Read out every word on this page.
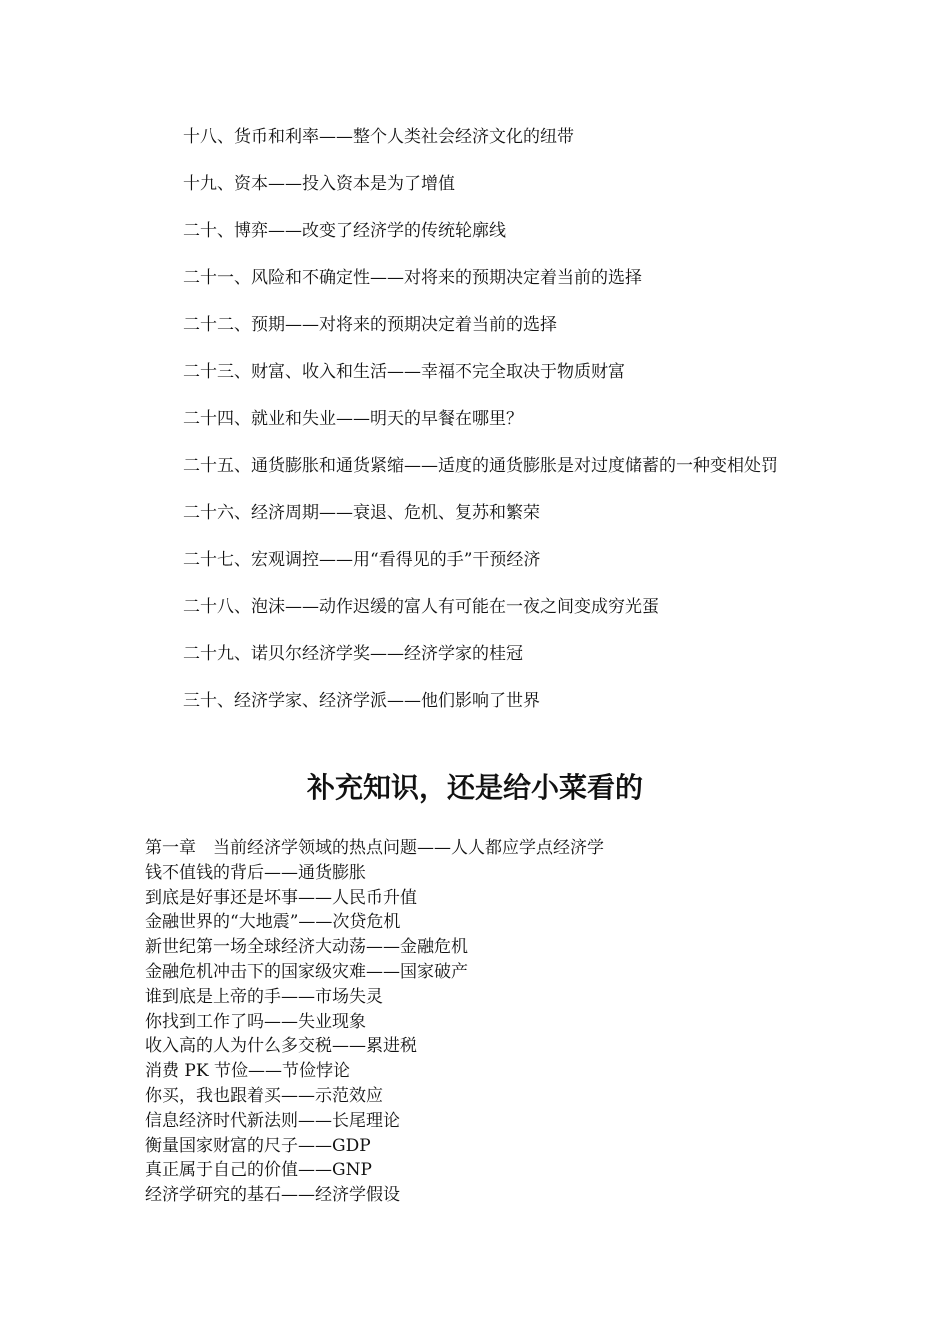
十八、货币和利率——整个人类社会经济文化的纽带

十九、资本——投入资本是为了增值

二十、博弈——改变了经济学的传统轮廓线

二十一、风险和不确定性——对将来的预期决定着当前的选择

二十二、预期——对将来的预期决定着当前的选择

二十三、财富、收入和生活——幸福不完全取决于物质财富

二十四、就业和失业——明天的早餐在哪里？

二十五、通货膨胀和通货紧缩——适度的通货膨胀是对过度储蓄的一种变相处罚

二十六、经济周期——衰退、危机、复苏和繁荣

二十七、宏观调控——用“看得见的手”干预经济

二十八、泡沫——动作迟缓的富人有可能在一夜之间变成穷光蛋

二十九、诺贝尔经济学奖——经济学家的桂冠

三十、经济学家、经济学派——他们影响了世界

补充知识，还是给小菜看的
第一章　当前经济学领域的热点问题——人人都应学点经济学
钱不值钱的背后——通货膨胀
到底是好事还是坏事——人民币升值
金融世界的“大地震”——次贷危机
新世纪第一场全球经济大动荡——金融危机
金融危机冲击下的国家级灾难——国家破产
谁到底是上帝的手——市场失灵
你找到工作了吗——失业现象
收入高的人为什么多交税——累进税
消费 PK 节俭——节俭悖论
你买，我也跟着买——示范效应
信息经济时代新法则——长尾理论
衡量国家财富的尺子——GDP
真正属于自己的价值——GNP
经济学研究的基石——经济学假设
